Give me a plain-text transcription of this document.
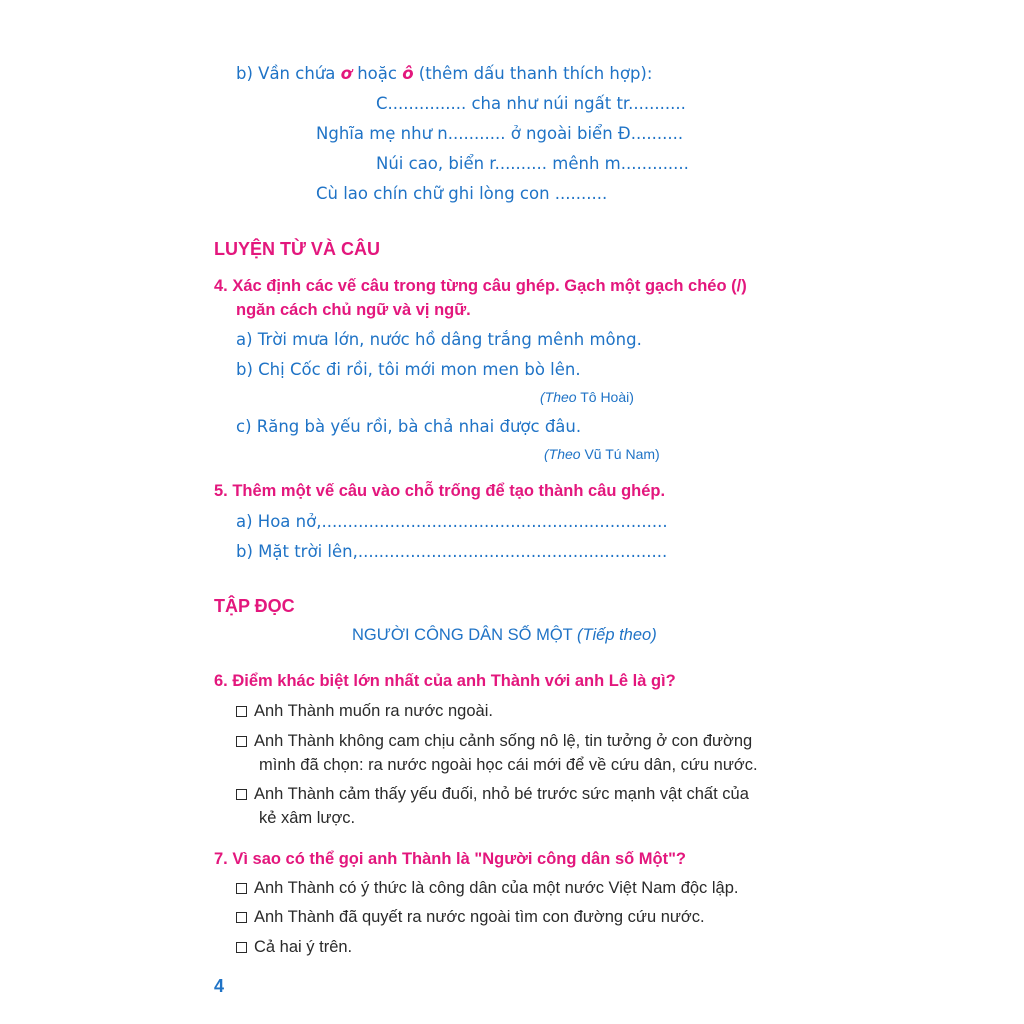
b) Vần chứa ơ hoặc ô (thêm dấu thanh thích hợp):
C............... cha như núi ngất tr...........
Nghĩa mẹ như n........... ở ngoài biển Đ..........
Núi cao, biển r.......... mênh m.............
Cù lao chín chữ ghi lòng con ..........
LUYỆN TỪ VÀ CÂU
4. Xác định các vế câu trong từng câu ghép. Gạch một gạch chéo (/)
ngăn cách chủ ngữ và vị ngữ.
a) Trời mưa lớn, nước hồ dâng trắng mênh mông.
b) Chị Cốc đi rồi, tôi mới mon men bò lên.
(Theo Tô Hoài)
c) Răng bà yếu rồi, bà chả nhai được đâu.
(Theo Vũ Tú Nam)
5. Thêm một vế câu vào chỗ trống để tạo thành câu ghép.
a) Hoa nở,..................................................................
b) Mặt trời lên,...........................................................
TẬP ĐỌC
NGƯỜI CÔNG DÂN SỐ MỘT (Tiếp theo)
6. Điểm khác biệt lớn nhất của anh Thành với anh Lê là gì?
Anh Thành muốn ra nước ngoài.
Anh Thành không cam chịu cảnh sống nô lệ, tin tưởng ở con đường
mình đã chọn: ra nước ngoài học cái mới để về cứu dân, cứu nước.
Anh Thành cảm thấy yếu đuối, nhỏ bé trước sức mạnh vật chất của
kẻ xâm lược.
7. Vì sao có thể gọi anh Thành là "Người công dân số Một"?
Anh Thành có ý thức là công dân của một nước Việt Nam độc lập.
Anh Thành đã quyết ra nước ngoài tìm con đường cứu nước.
Cả hai ý trên.
4
